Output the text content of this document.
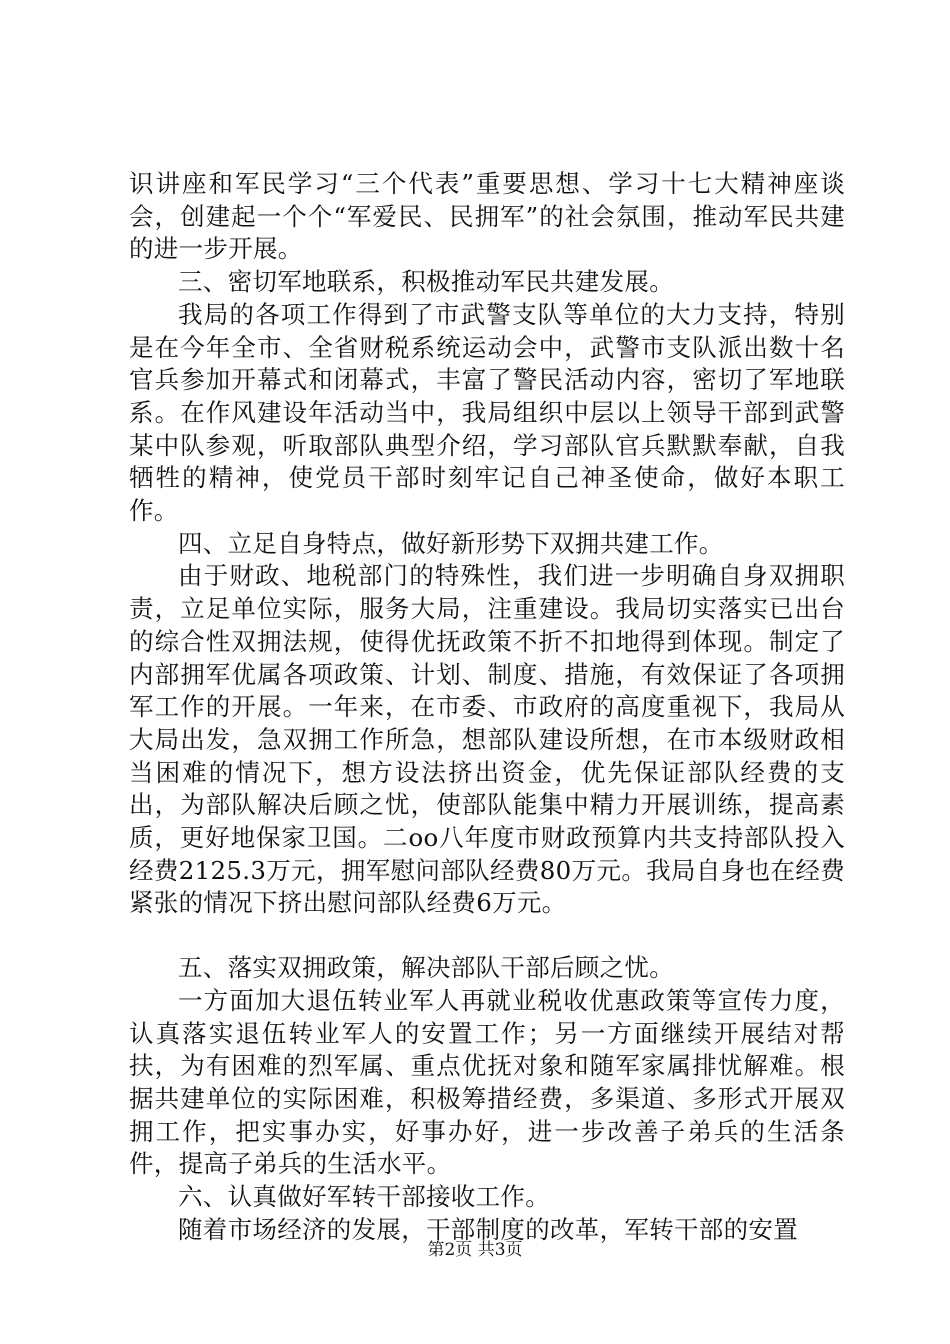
识讲座和军民学习“三个代表”重要思想、学习十七大精神座谈会，创建起一个个“军爱民、民拥军”的社会氛围，推动军民共建的进一步开展。

三、密切军地联系，积极推动军民共建发展。

我局的各项工作得到了市武警支队等单位的大力支持，特别是在今年全市、全省财税系统运动会中，武警市支队派出数十名官兵参加开幕式和闭幕式，丰富了警民活动内容，密切了军地联系。在作风建设年活动当中，我局组织中层以上领导干部到武警某中队参观，听取部队典型介绍，学习部队官兵默默奉献，自我牺牲的精神，使党员干部时刻牢记自己神圣使命，做好本职工作。

四、立足自身特点，做好新形势下双拥共建工作。

由于财政、地税部门的特殊性，我们进一步明确自身双拥职责，立足单位实际，服务大局，注重建设。我局切实落实已出台的综合性双拥法规，使得优抚政策不折不扣地得到体现。制定了内部拥军优属各项政策、计划、制度、措施，有效保证了各项拥军工作的开展。一年来，在市委、市政府的高度重视下，我局从大局出发，急双拥工作所急，想部队建设所想，在市本级财政相当困难的情况下，想方设法挤出资金，优先保证部队经费的支出，为部队解决后顾之忧，使部队能集中精力开展训练，提高素质，更好地保家卫国。二oo八年度市财政预算内共支持部队投入经费2125.3万元，拥军慰问部队经费80万元。我局自身也在经费紧张的情况下挤出慰问部队经费6万元。

五、落实双拥政策，解决部队干部后顾之忧。

一方面加大退伍转业军人再就业税收优惠政策等宣传力度，认真落实退伍转业军人的安置工作；另一方面继续开展结对帮扶，为有困难的烈军属、重点优抚对象和随军家属排忧解难。根据共建单位的实际困难，积极筹措经费，多渠道、多形式开展双拥工作，把实事办实，好事办好，进一步改善子弟兵的生活条件，提高子弟兵的生活水平。

六、认真做好军转干部接收工作。

随着市场经济的发展，干部制度的改革，军转干部的安置

第2页 共3页
